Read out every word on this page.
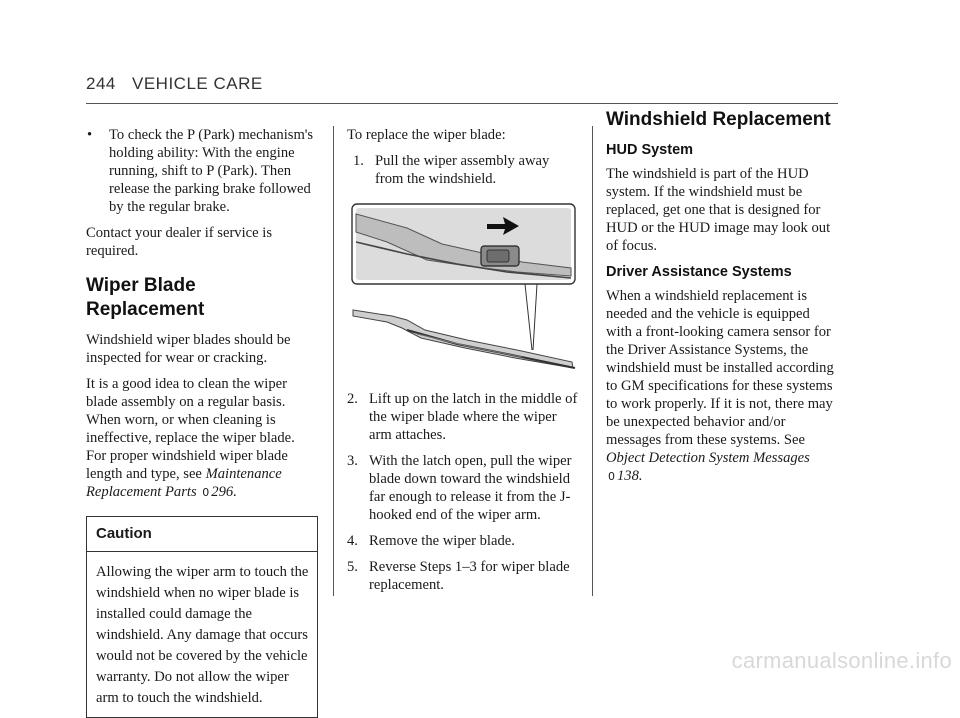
244 VEHICLE CARE
• To check the P (Park) mechanism's holding ability: With the engine running, shift to P (Park). Then release the parking brake followed by the regular brake.

Contact your dealer if service is required.

Wiper Blade Replacement

Windshield wiper blades should be inspected for wear or cracking.

It is a good idea to clean the wiper blade assembly on a regular basis. When worn, or when cleaning is ineffective, replace the wiper blade. For proper windshield wiper blade length and type, see Maintenance Replacement Parts 0 296.

Caution
Allowing the wiper arm to touch the windshield when no wiper blade is installed could damage the windshield. Any damage that occurs would not be covered by the vehicle warranty. Do not allow the wiper arm to touch the windshield.

To replace the wiper blade:

1. Pull the wiper assembly away from the windshield.
2. Lift up on the latch in the middle of the wiper blade where the wiper arm attaches.
3. With the latch open, pull the wiper blade down toward the windshield far enough to release it from the J-hooked end of the wiper arm.
4. Remove the wiper blade.
5. Reverse Steps 1–3 for wiper blade replacement.
Windshield Replacement
HUD System

The windshield is part of the HUD system. If the windshield must be replaced, get one that is designed for HUD or the HUD image may look out of focus.

Driver Assistance Systems

When a windshield replacement is needed and the vehicle is equipped with a front-looking camera sensor for the Driver Assistance Systems, the windshield must be installed according to GM specifications for these systems to work properly. If it is not, there may be unexpected behavior and/or messages from these systems. See Object Detection System Messages 0 138.

carmanualsonline.info
